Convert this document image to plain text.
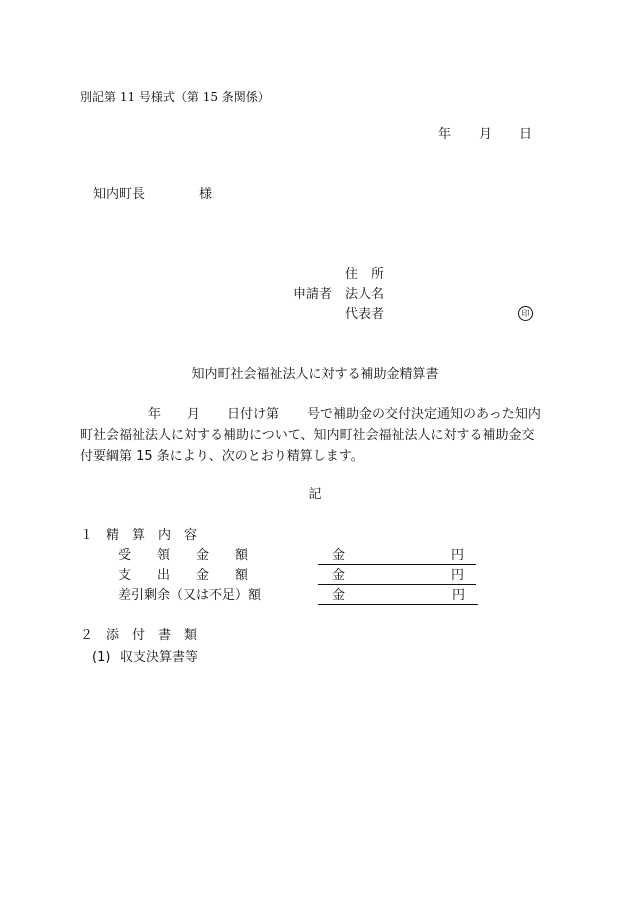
別記第 11 号様式（第 15 条関係）
年 月 日
知内町長	様
住　所
申請者 法人名
代表者	印
知内町社会福祉法人に対する補助金精算書
年 月 日付け第 号で補助金の交付決定通知のあった知内
町社会福祉法人に対する補助について、知内町社会福祉法人に対する補助金交
付要綱第 15 条により、次のとおり精算します。
記
１ 精　算　内　容
受　　領　　金　　額	金	円
支　　出　　金　　額	金	円
差引剰余（又は不足）額	金	円
２ 添　付　書　類
(1) 収支決算書等
